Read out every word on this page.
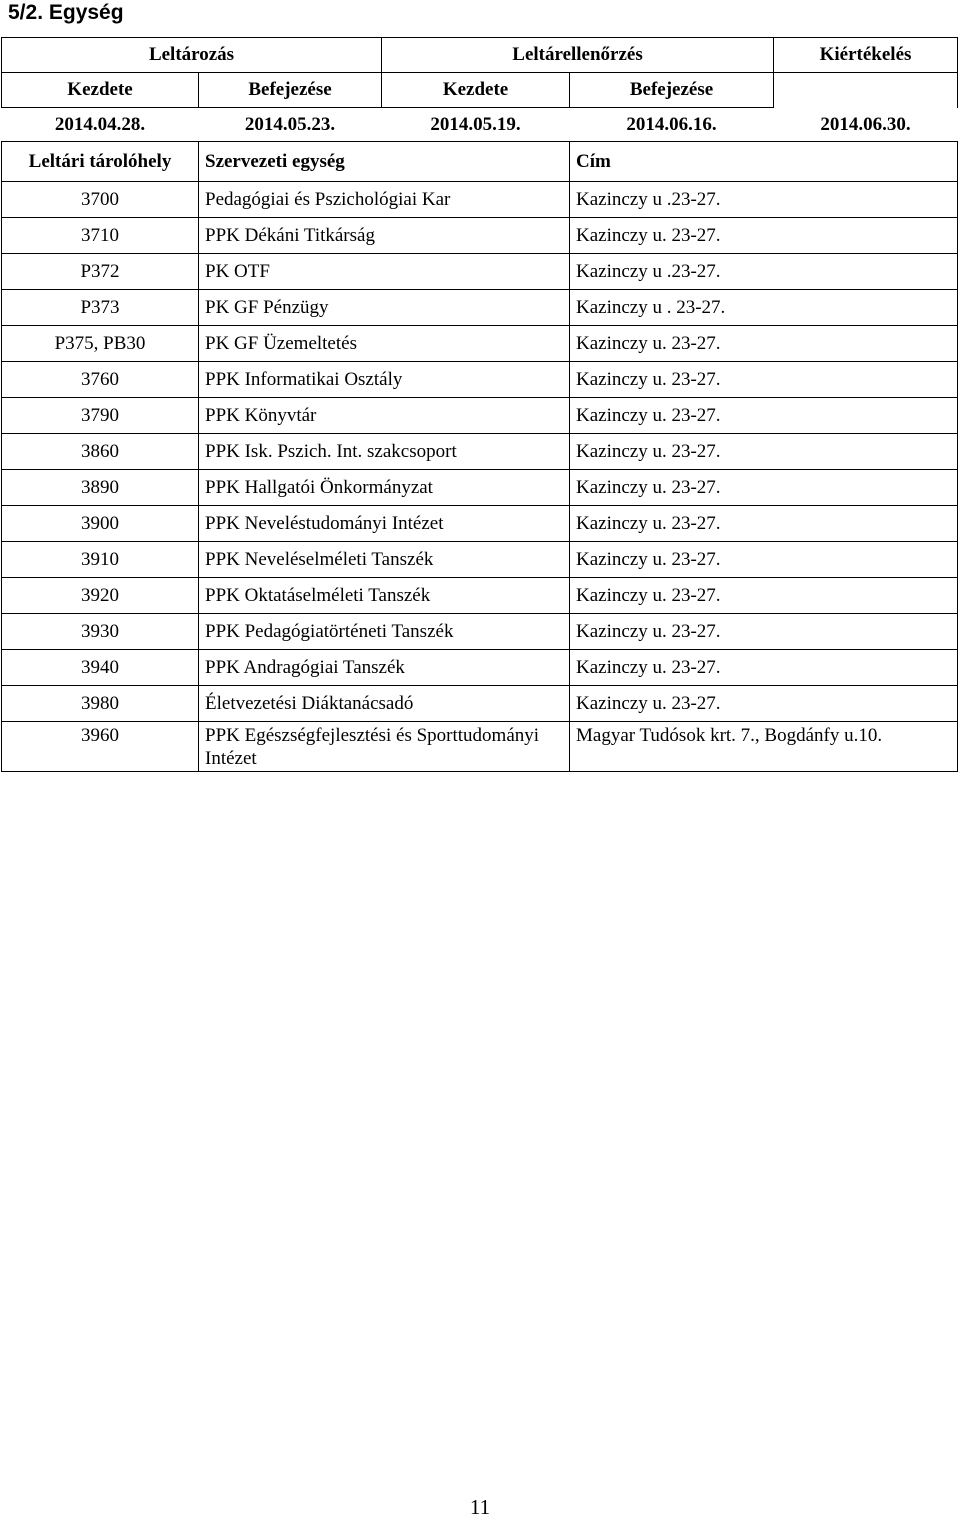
5/2. Egység
Leltározás		Leltárellenőrzés		Kiértékelés
Kezdete	Befejezése	Kezdete	Befejezése	
2014.04.28.	2014.05.23.	2014.05.19.	2014.06.16.	2014.06.30.
Leltári tárolóhely	Szervezeti egység	Cím
3700	Pedagógiai és Pszichológiai Kar	Kazinczy u .23-27.
3710	PPK Dékáni Titkárság	Kazinczy u. 23-27.
P372	PK OTF	Kazinczy u .23-27.
P373	PK GF Pénzügy	Kazinczy u . 23-27.
P375, PB30	PK GF Üzemeltetés	Kazinczy u. 23-27.
3760	PPK Informatikai Osztály	Kazinczy u. 23-27.
3790	PPK Könyvtár	Kazinczy u. 23-27.
3860	PPK Isk. Pszich. Int. szakcsoport	Kazinczy u. 23-27.
3890	PPK Hallgatói Önkormányzat	Kazinczy u. 23-27.
3900	PPK Neveléstudományi Intézet	Kazinczy u. 23-27.
3910	PPK Neveléselméleti Tanszék	Kazinczy u. 23-27.
3920	PPK Oktatáselméleti Tanszék	Kazinczy u. 23-27.
3930	PPK Pedagógiatörténeti Tanszék	Kazinczy u. 23-27.
3940	PPK Andragógiai Tanszék	Kazinczy u. 23-27.
3980	Életvezetési Diáktanácsadó	Kazinczy u. 23-27.
3960	PPK Egészségfejlesztési és Sporttudományi Intézet	Magyar Tudósok krt. 7., Bogdánfy u.10.
11
